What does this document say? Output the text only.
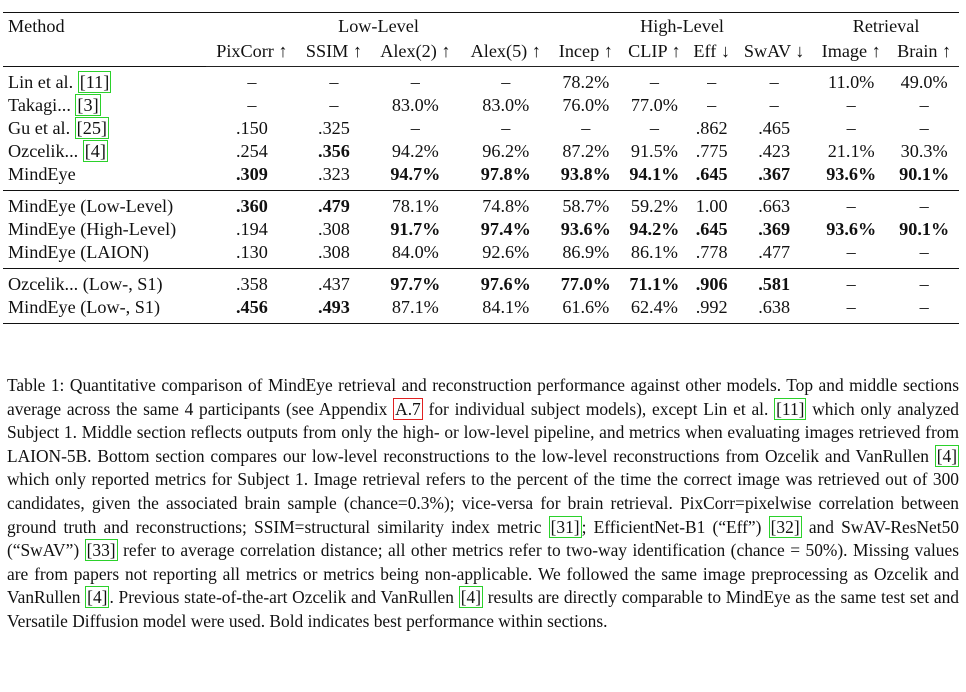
Method	Low-Level				High-Level				Retrieval	
	PixCorr ↑	SSIM ↑	Alex(2) ↑	Alex(5) ↑	Incep ↑	CLIP ↑	Eff ↓	SwAV ↓	Image ↑	Brain ↑
Lin et al. [11]	–	–	–	–	78.2%	–	–	–	11.0%	49.0%
Takagi... [3]	–	–	83.0%	83.0%	76.0%	77.0%	–	–	–	–
Gu et al. [25]	.150	.325	–	–	–	–	.862	.465	–	–
Ozcelik... [4]	.254	.356	94.2%	96.2%	87.2%	91.5%	.775	.423	21.1%	30.3%
MindEye	.309	.323	94.7%	97.8%	93.8%	94.1%	.645	.367	93.6%	90.1%
MindEye (Low-Level)	.360	.479	78.1%	74.8%	58.7%	59.2%	1.00	.663	–	–
MindEye (High-Level)	.194	.308	91.7%	97.4%	93.6%	94.2%	.645	.369	93.6%	90.1%
MindEye (LAION)	.130	.308	84.0%	92.6%	86.9%	86.1%	.778	.477	–	–
Ozcelik... (Low-, S1)	.358	.437	97.7%	97.6%	77.0%	71.1%	.906	.581	–	–
MindEye (Low-, S1)	.456	.493	87.1%	84.1%	61.6%	62.4%	.992	.638	–	–

Table 1: Quantitative comparison of MindEye retrieval and reconstruction performance against other models. Top and middle sections average across the same 4 participants (see Appendix A.7 for individual subject models), except Lin et al. [11] which only analyzed Subject 1. Middle section reflects outputs from only the high- or low-level pipeline, and metrics when evaluating images retrieved from LAION-5B. Bottom section compares our low-level reconstructions to the low-level reconstructions from Ozcelik and VanRullen [4] which only reported metrics for Subject 1. Image retrieval refers to the percent of the time the correct image was retrieved out of 300 candidates, given the associated brain sample (chance=0.3%); vice-versa for brain retrieval. PixCorr=pixelwise correlation between ground truth and reconstructions; SSIM=structural similarity index metric [31] ; EfficientNet-B1 (“Eff”) [32] and SwAV-ResNet50 (“SwAV”) [33] refer to average correlation distance; all other metrics refer to two-way identification (chance = 50%). Missing values are from papers not reporting all metrics or metrics being non-applicable. We followed the same image preprocessing as Ozcelik and VanRullen [4] . Previous state-of-the-art Ozcelik and VanRullen [4] results are directly comparable to MindEye as the same test set and Versatile Diffusion model were used. Bold indicates best performance within sections.
